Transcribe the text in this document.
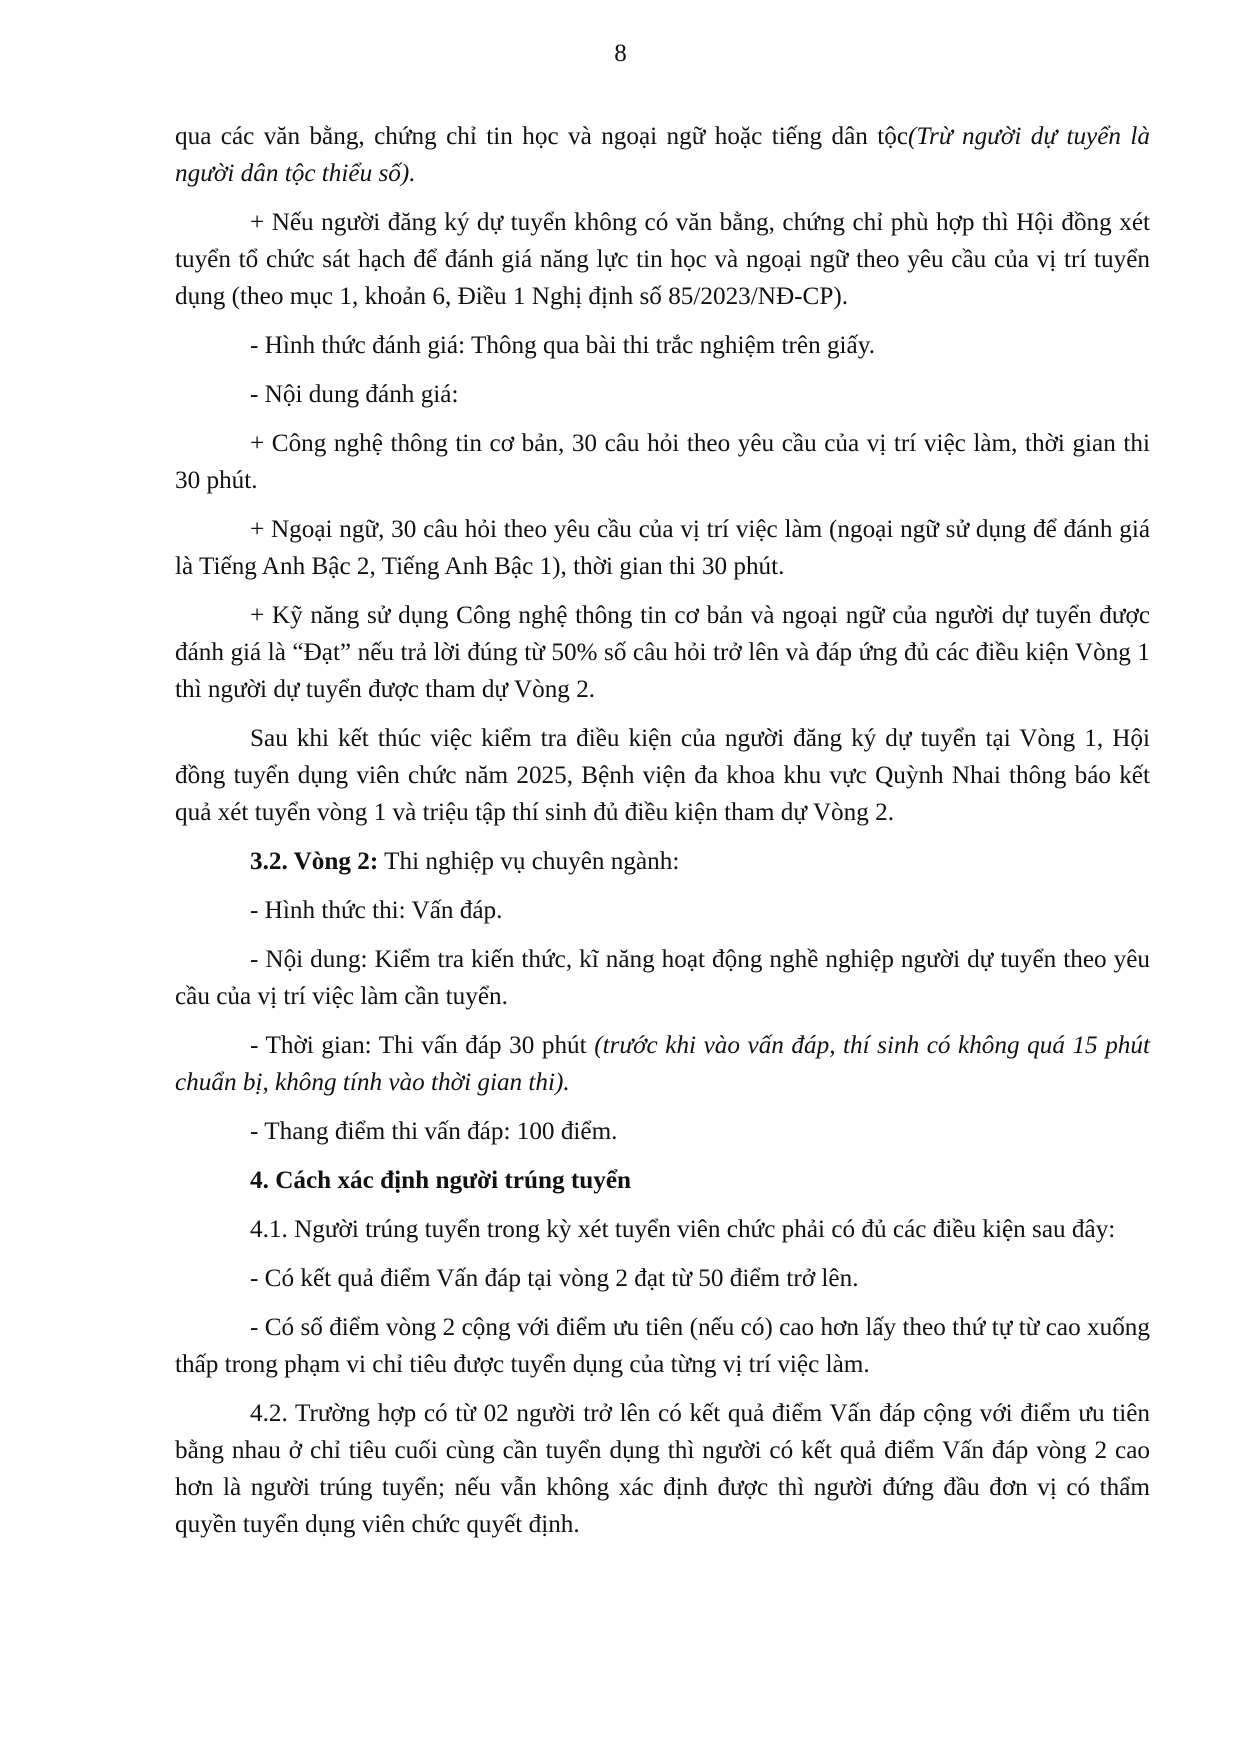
8

qua các văn bằng, chứng chỉ tin học và ngoại ngữ hoặc tiếng dân tộc(Trừ người dự tuyển là người dân tộc thiểu số).

+ Nếu người đăng ký dự tuyển không có văn bằng, chứng chỉ phù hợp thì Hội đồng xét tuyển tổ chức sát hạch để đánh giá năng lực tin học và ngoại ngữ theo yêu cầu của vị trí tuyển dụng (theo mục 1, khoản 6, Điều 1 Nghị định số 85/2023/NĐ-CP).

- Hình thức đánh giá: Thông qua bài thi trắc nghiệm trên giấy.

- Nội dung đánh giá:

+ Công nghệ thông tin cơ bản, 30 câu hỏi theo yêu cầu của vị trí việc làm, thời gian thi 30 phút.

+ Ngoại ngữ, 30 câu hỏi theo yêu cầu của vị trí việc làm (ngoại ngữ sử dụng để đánh giá là Tiếng Anh Bậc 2, Tiếng Anh Bậc 1), thời gian thi 30 phút.

+ Kỹ năng sử dụng Công nghệ thông tin cơ bản và ngoại ngữ của người dự tuyển được đánh giá là “Đạt” nếu trả lời đúng từ 50% số câu hỏi trở lên và đáp ứng đủ các điều kiện Vòng 1 thì người dự tuyển được tham dự Vòng 2.

Sau khi kết thúc việc kiểm tra điều kiện của người đăng ký dự tuyển tại Vòng 1, Hội đồng tuyển dụng viên chức năm 2025, Bệnh viện đa khoa khu vực Quỳnh Nhai thông báo kết quả xét tuyển vòng 1 và triệu tập thí sinh đủ điều kiện tham dự Vòng 2.

3.2. Vòng 2: Thi nghiệp vụ chuyên ngành:

- Hình thức thi: Vấn đáp.

- Nội dung: Kiểm tra kiến thức, kĩ năng hoạt động nghề nghiệp người dự tuyển theo yêu cầu của vị trí việc làm cần tuyển.

- Thời gian: Thi vấn đáp 30 phút (trước khi vào vấn đáp, thí sinh có không quá 15 phút chuẩn bị, không tính vào thời gian thi).

- Thang điểm thi vấn đáp: 100 điểm.

4. Cách xác định người trúng tuyển

4.1. Người trúng tuyển trong kỳ xét tuyển viên chức phải có đủ các điều kiện sau đây:

- Có kết quả điểm Vấn đáp tại vòng 2 đạt từ 50 điểm trở lên.

- Có số điểm vòng 2 cộng với điểm ưu tiên (nếu có) cao hơn lấy theo thứ tự từ cao xuống thấp trong phạm vi chỉ tiêu được tuyển dụng của từng vị trí việc làm.

4.2. Trường hợp có từ 02 người trở lên có kết quả điểm Vấn đáp cộng với điểm ưu tiên bằng nhau ở chỉ tiêu cuối cùng cần tuyển dụng thì người có kết quả điểm Vấn đáp vòng 2 cao hơn là người trúng tuyển; nếu vẫn không xác định được thì người đứng đầu đơn vị có thẩm quyền tuyển dụng viên chức quyết định.
